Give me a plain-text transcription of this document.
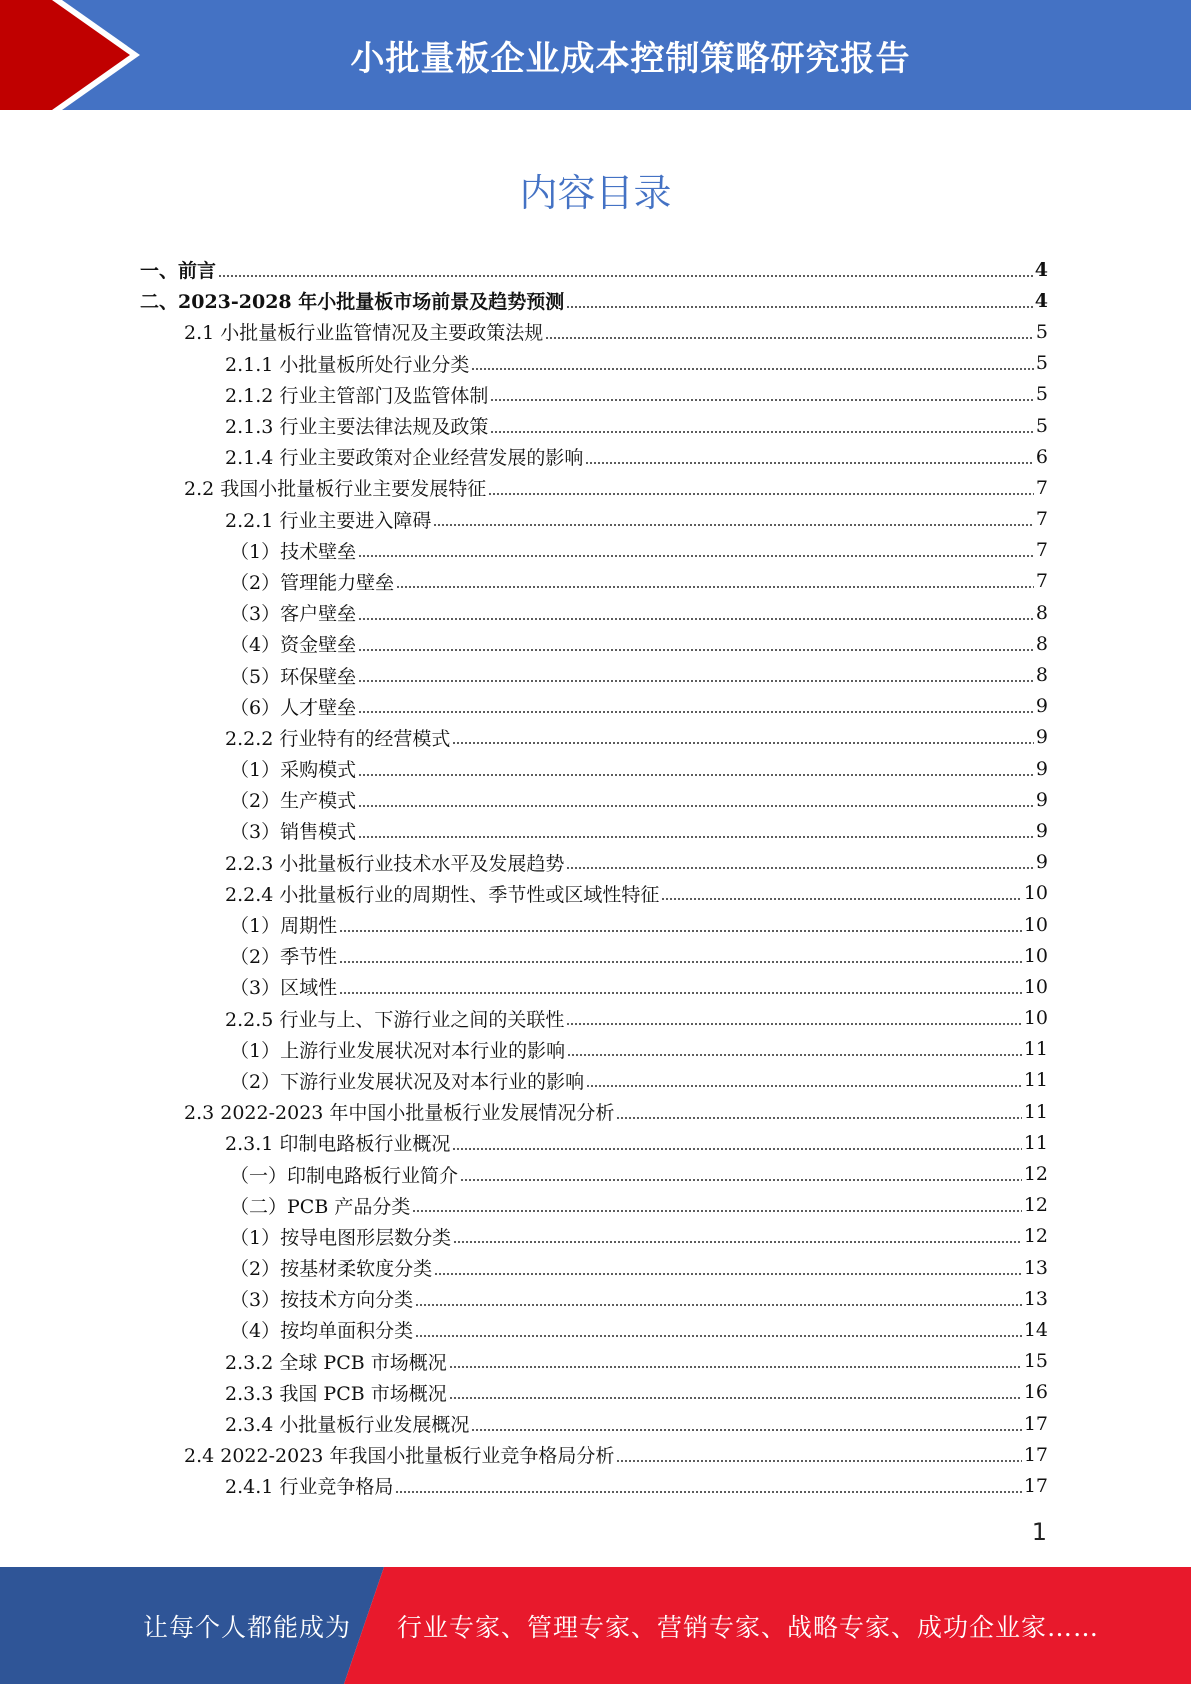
小批量板企业成本控制策略研究报告
内容目录
一、前言	4
二、2023-2028 年小批量板市场前景及趋势预测	4
2.1 小批量板行业监管情况及主要政策法规	5
2.1.1 小批量板所处行业分类	5
2.1.2 行业主管部门及监管体制	5
2.1.3 行业主要法律法规及政策	5
2.1.4 行业主要政策对企业经营发展的影响	6
2.2 我国小批量板行业主要发展特征	7
2.2.1 行业主要进入障碍	7
（1）技术壁垒	7
（2）管理能力壁垒	7
（3）客户壁垒	8
（4）资金壁垒	8
（5）环保壁垒	8
（6）人才壁垒	9
2.2.2 行业特有的经营模式	9
（1）采购模式	9
（2）生产模式	9
（3）销售模式	9
2.2.3 小批量板行业技术水平及发展趋势	9
2.2.4 小批量板行业的周期性、季节性或区域性特征	10
（1）周期性	10
（2）季节性	10
（3）区域性	10
2.2.5 行业与上、下游行业之间的关联性	10
（1）上游行业发展状况对本行业的影响	11
（2）下游行业发展状况及对本行业的影响	11
2.3 2022-2023 年中国小批量板行业发展情况分析	11
2.3.1 印制电路板行业概况	11
（一）印制电路板行业简介	12
（二）PCB 产品分类	12
（1）按导电图形层数分类	12
（2）按基材柔软度分类	13
（3）按技术方向分类	13
（4）按均单面积分类	14
2.3.2 全球 PCB 市场概况	15
2.3.3 我国 PCB 市场概况	16
2.3.4 小批量板行业发展概况	17
2.4 2022-2023 年我国小批量板行业竞争格局分析	17
2.4.1 行业竞争格局	17
1
让每个人都能成为 行业专家、管理专家、营销专家、战略专家、成功企业家……
